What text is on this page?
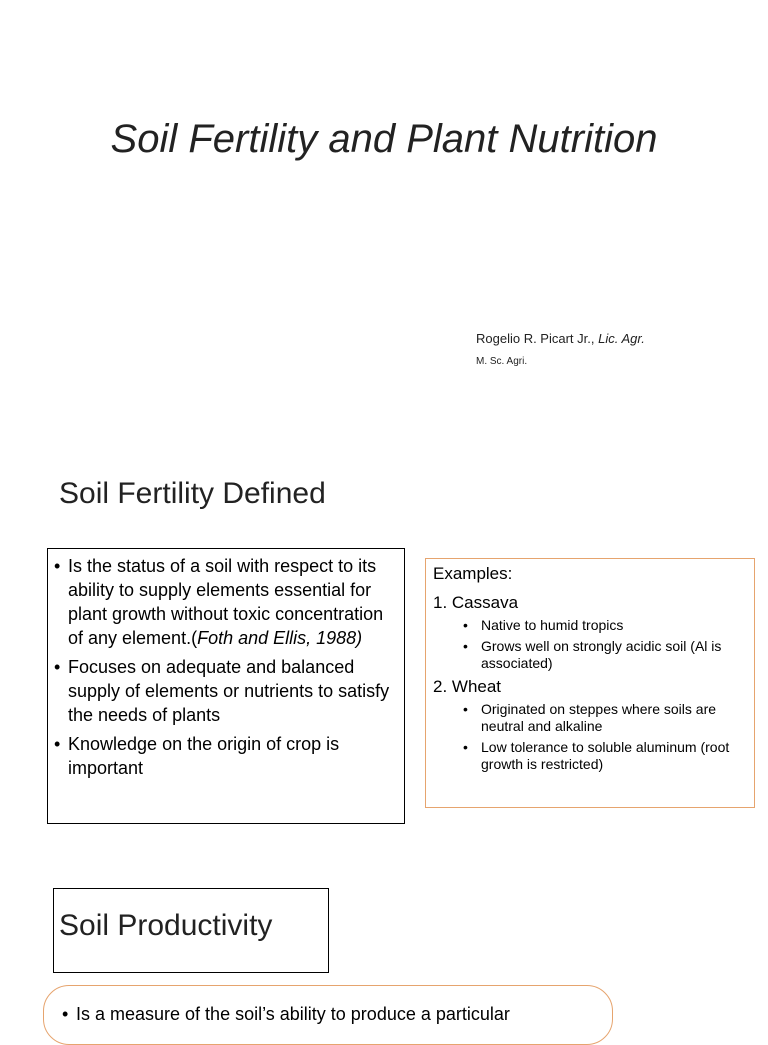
Soil Fertility and Plant Nutrition
Rogelio R. Picart Jr., Lic. Agr.
M. Sc. Agri.
Soil Fertility Defined
• Is the status of a soil with respect to its ability to supply elements essential for plant growth without toxic concentration of any element.(Foth and Ellis, 1988)
• Focuses on adequate and balanced supply of elements or nutrients to satisfy the needs of plants
• Knowledge on the origin of crop is important
Examples:
1. Cassava
• Native to humid tropics
• Grows well on strongly acidic soil (Al is associated)
2. Wheat
• Originated on steppes where soils are neutral and alkaline
• Low tolerance to soluble aluminum (root growth is restricted)
Soil Productivity
• Is a measure of the soil’s ability to produce a particular
